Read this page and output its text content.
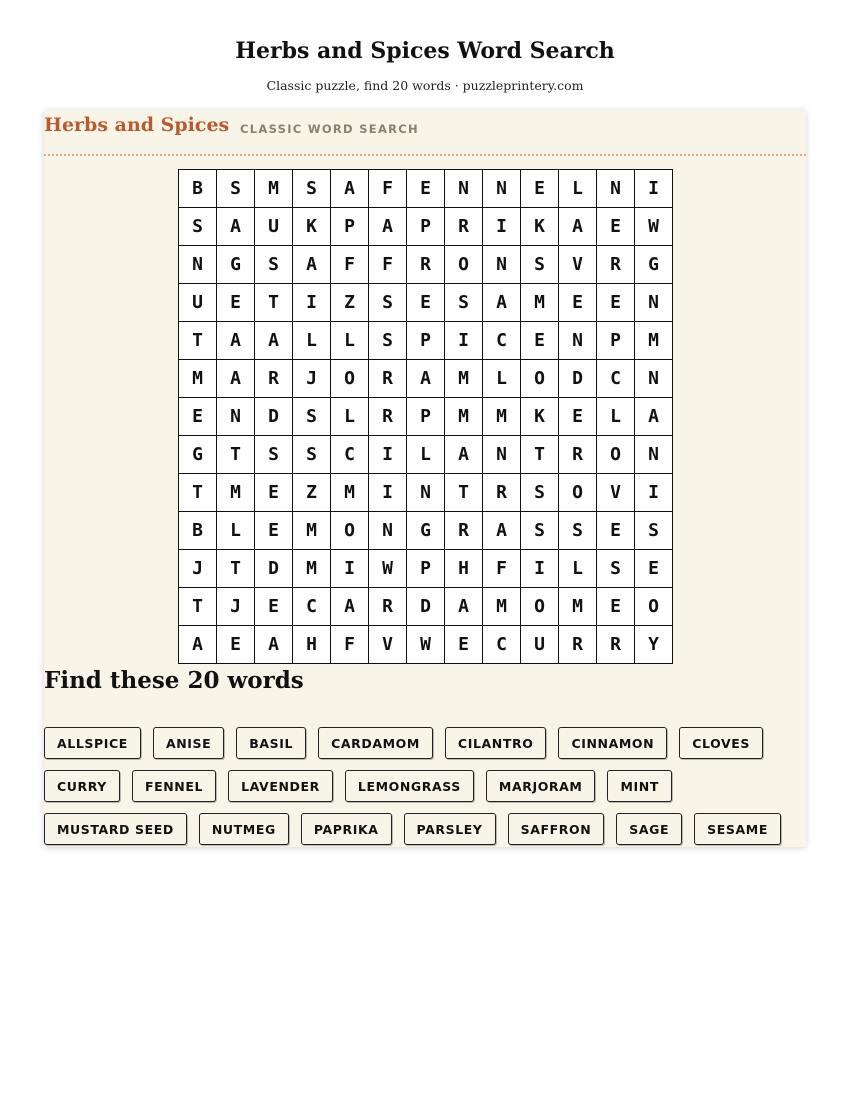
Herbs and Spices Word Search
Classic puzzle, find 20 words · puzzleprintery.com
Herbs and Spices CLASSIC WORD SEARCH
B	S	M	S	A	F	E	N	N	E	L	N	I
S	A	U	K	P	A	P	R	I	K	A	E	W
N	G	S	A	F	F	R	O	N	S	V	R	G
U	E	T	I	Z	S	E	S	A	M	E	E	N
T	A	A	L	L	S	P	I	C	E	N	P	M
M	A	R	J	O	R	A	M	L	O	D	C	N
E	N	D	S	L	R	P	M	M	K	E	L	A
G	T	S	S	C	I	L	A	N	T	R	O	N
T	M	E	Z	M	I	N	T	R	S	O	V	I
B	L	E	M	O	N	G	R	A	S	S	E	S
J	T	D	M	I	W	P	H	F	I	L	S	E
T	J	E	C	A	R	D	A	M	O	M	E	O
A	E	A	H	F	V	W	E	C	U	R	R	Y
Find these 20 words
ALLSPICE	ANISE	BASIL	CARDAMOM	CILANTRO	CINNAMON	CLOVES
CURRY	FENNEL	LAVENDER	LEMONGRASS	MARJORAM	MINT
MUSTARD SEED	NUTMEG	PAPRIKA	PARSLEY	SAFFRON	SAGE	SESAME
